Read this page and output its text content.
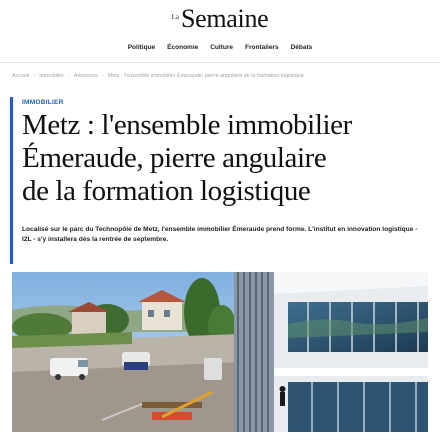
La Semaine
Politique Économie Culture Frontaliers Débats
Accueil › Immobilier › Annonces › Metz : l'ensemble immobilier Émeraude, pierre angulaire de la formation logistique
IMMOBILIER
Metz : l'ensemble immobilier
Émeraude, pierre angulaire
de la formation logistique

Localisé sur le parc du Technopôle de Metz, l'ensemble immobilier Émeraude prend forme. L'institut en innovation logistique - I2L - s'y installera dès la rentrée de septembre.
